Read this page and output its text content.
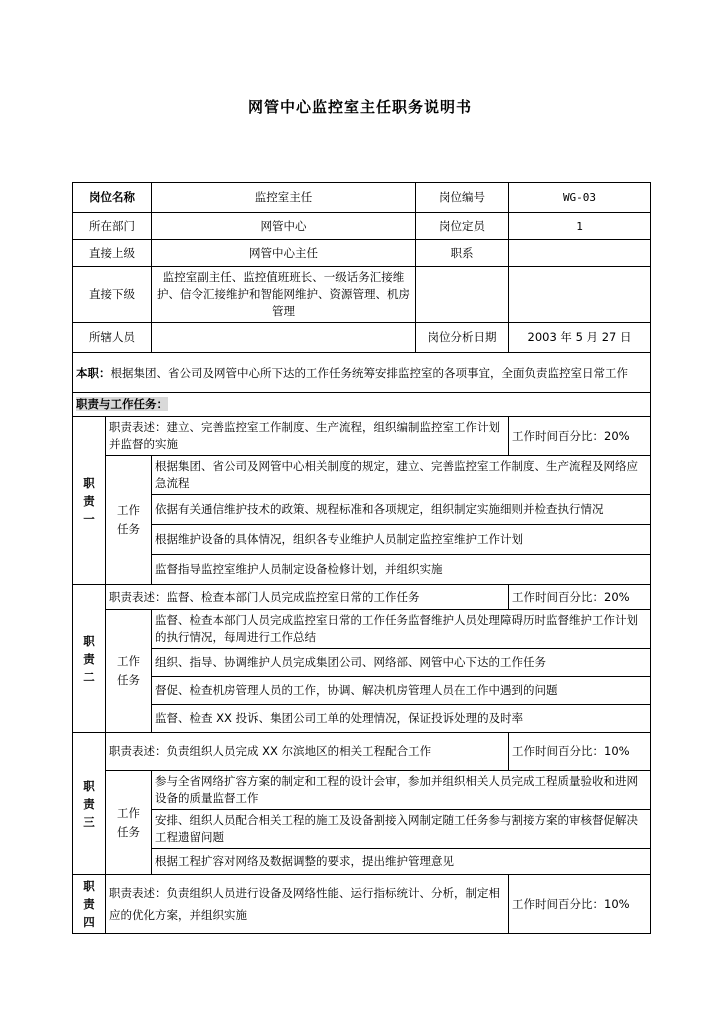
网管中心监控室主任职务说明书
岗位名称		监控室主任	岗位编号	WG-03
所在部门		网管中心	岗位定员	1
直接上级		网管中心主任	职系	
直接下级		监控室副主任、监控值班班长、一级话务汇接维护、信令汇接维护和智能网维护、资源管理、机房管理		
所辖人员			岗位分析日期	2003 年 5 月 27 日
本职：根据集团、省公司及网管中心所下达的工作任务统筹安排监控室的各项事宜，全面负责监控室日常工作				
职责与工作任务：				

职
责
一	职责表述：建立、完善监控室工作制度、生产流程，组织编制监控室工作计划并监督的实施			工作时间百分比：20%

	工作
任务	根据集团、省公司及网管中心相关制度的规定，建立、完善监控室工作制度、生产流程及网络应急流程		
		依据有关通信维护技术的政策、规程标准和各项规定，组织制定实施细则并检查执行情况		
		根据维护设备的具体情况，组织各专业维护人员制定监控室维护工作计划		
		监督指导监控室维护人员制定设备检修计划，并组织实施		

职
责
二	职责表述：监督、检查本部门人员完成监控室日常的工作任务			工作时间百分比：20%

	工作
任务	监督、检查本部门人员完成监控室日常的工作任务监督维护人员处理障碍历时监督维护工作计划的执行情况，每周进行工作总结		
		组织、指导、协调维护人员完成集团公司、网络部、网管中心下达的工作任务		
		督促、检查机房管理人员的工作，协调、解决机房管理人员在工作中遇到的问题		
		监督、检查 XX 投诉、集团公司工单的处理情况，保证投诉处理的及时率		

职
责
三	职责表述：负责组织人员完成 XX 尔滨地区的相关工程配合工作			工作时间百分比：10%

	工作
任务	参与全省网络扩容方案的制定和工程的设计会审，参加并组织相关人员完成工程质量验收和进网设备的质量监督工作		
		安排、组织人员配合相关工程的施工及设备割接入网制定随工任务参与割接方案的审核督促解决工程遗留问题		
		根据工程扩容对网络及数据调整的要求，提出维护管理意见		

职
责
四	职责表述：负责组织人员进行设备及网络性能、运行指标统计、分析，制定相应的优化方案，并组织实施			工作时间百分比：10%
